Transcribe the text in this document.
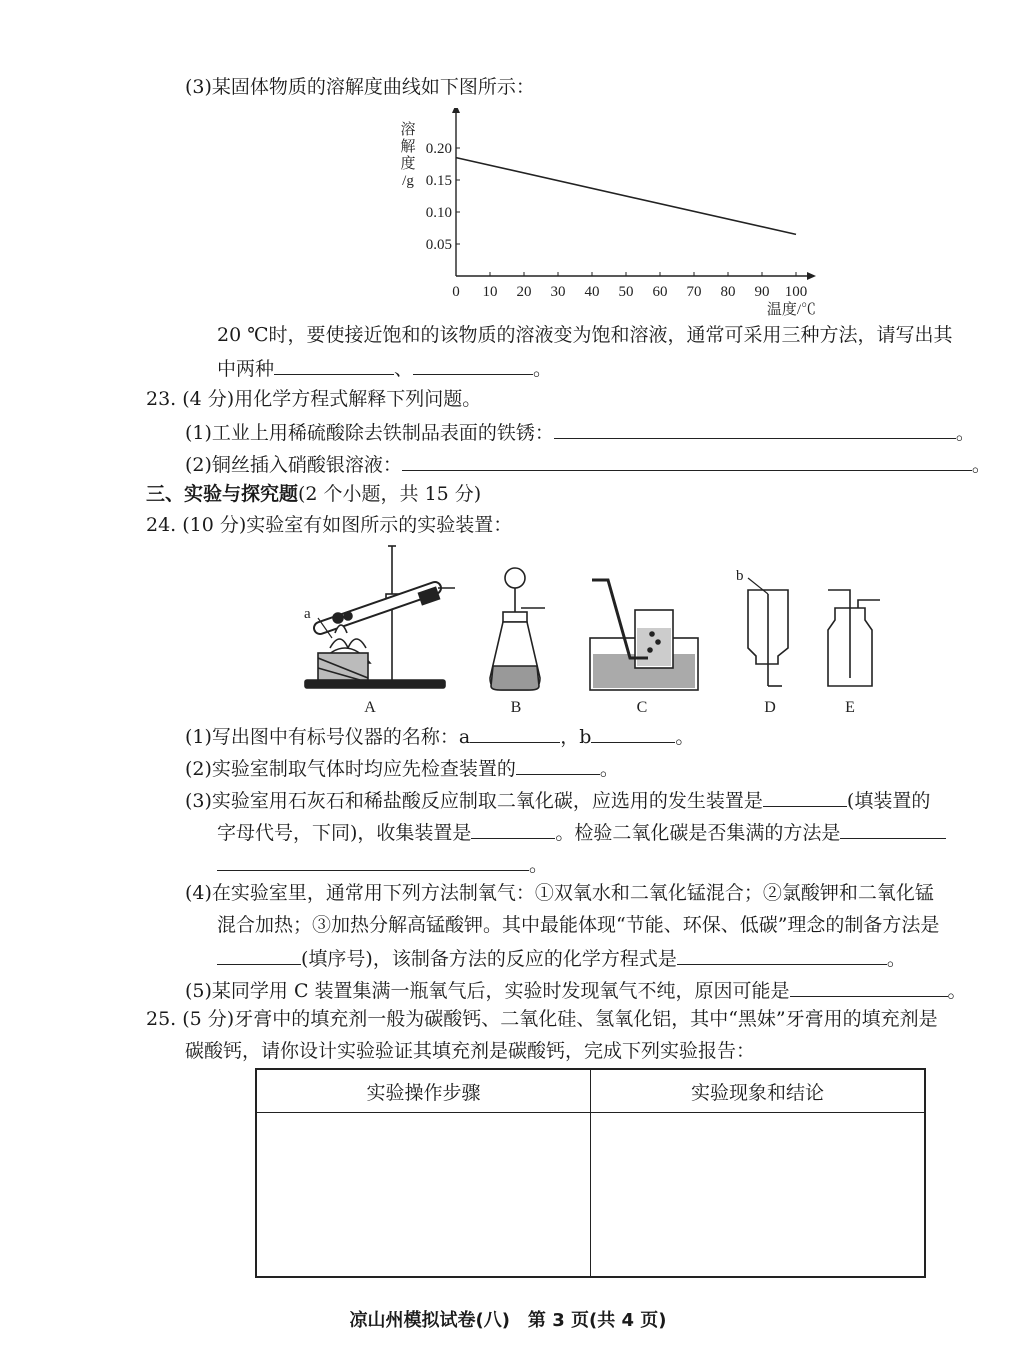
(3)某固体物质的溶解度曲线如下图所示：
0 10 20 30 40 50 60 70 80 90 100
0.05
0.10
0.15
0.20
溶
解
度
/g
温度/℃
20 ℃时，要使接近饱和的该物质的溶液变为饱和溶液，通常可采用三种方法，请写出其
中两种	、	。
23. (4 分)用化学方程式解释下列问题。
(1)工业上用稀硫酸除去铁制品表面的铁锈：	。
(2)铜丝插入硝酸银溶液：	。
三、实验与探究题(2 个小题，共 15 分)
24. (10 分)实验室有如图所示的实验装置：
A	B	C	D	E
a
b
(1)写出图中有标号仪器的名称：a	，b	。
(2)实验室制取气体时均应先检查装置的	。
(3)实验室用石灰石和稀盐酸反应制取二氧化碳，应选用的发生装置是	(填装置的
字母代号，下同)，收集装置是	。检验二氧化碳是否集满的方法是
。
(4)在实验室里，通常用下列方法制氧气：①双氧水和二氧化锰混合；②氯酸钾和二氧化锰
混合加热；③加热分解高锰酸钾。其中最能体现“节能、环保、低碳”理念的制备方法是
(填序号)，该制备方法的反应的化学方程式是	。
(5)某同学用 C 装置集满一瓶氧气后，实验时发现氧气不纯，原因可能是	。
25. (5 分)牙膏中的填充剂一般为碳酸钙、二氧化硅、氢氧化铝，其中“黑妹”牙膏用的填充剂是
碳酸钙，请你设计实验验证其填充剂是碳酸钙，完成下列实验报告：
实验操作步骤	实验现象和结论

凉山州模拟试卷(八)　第 3 页(共 4 页)
